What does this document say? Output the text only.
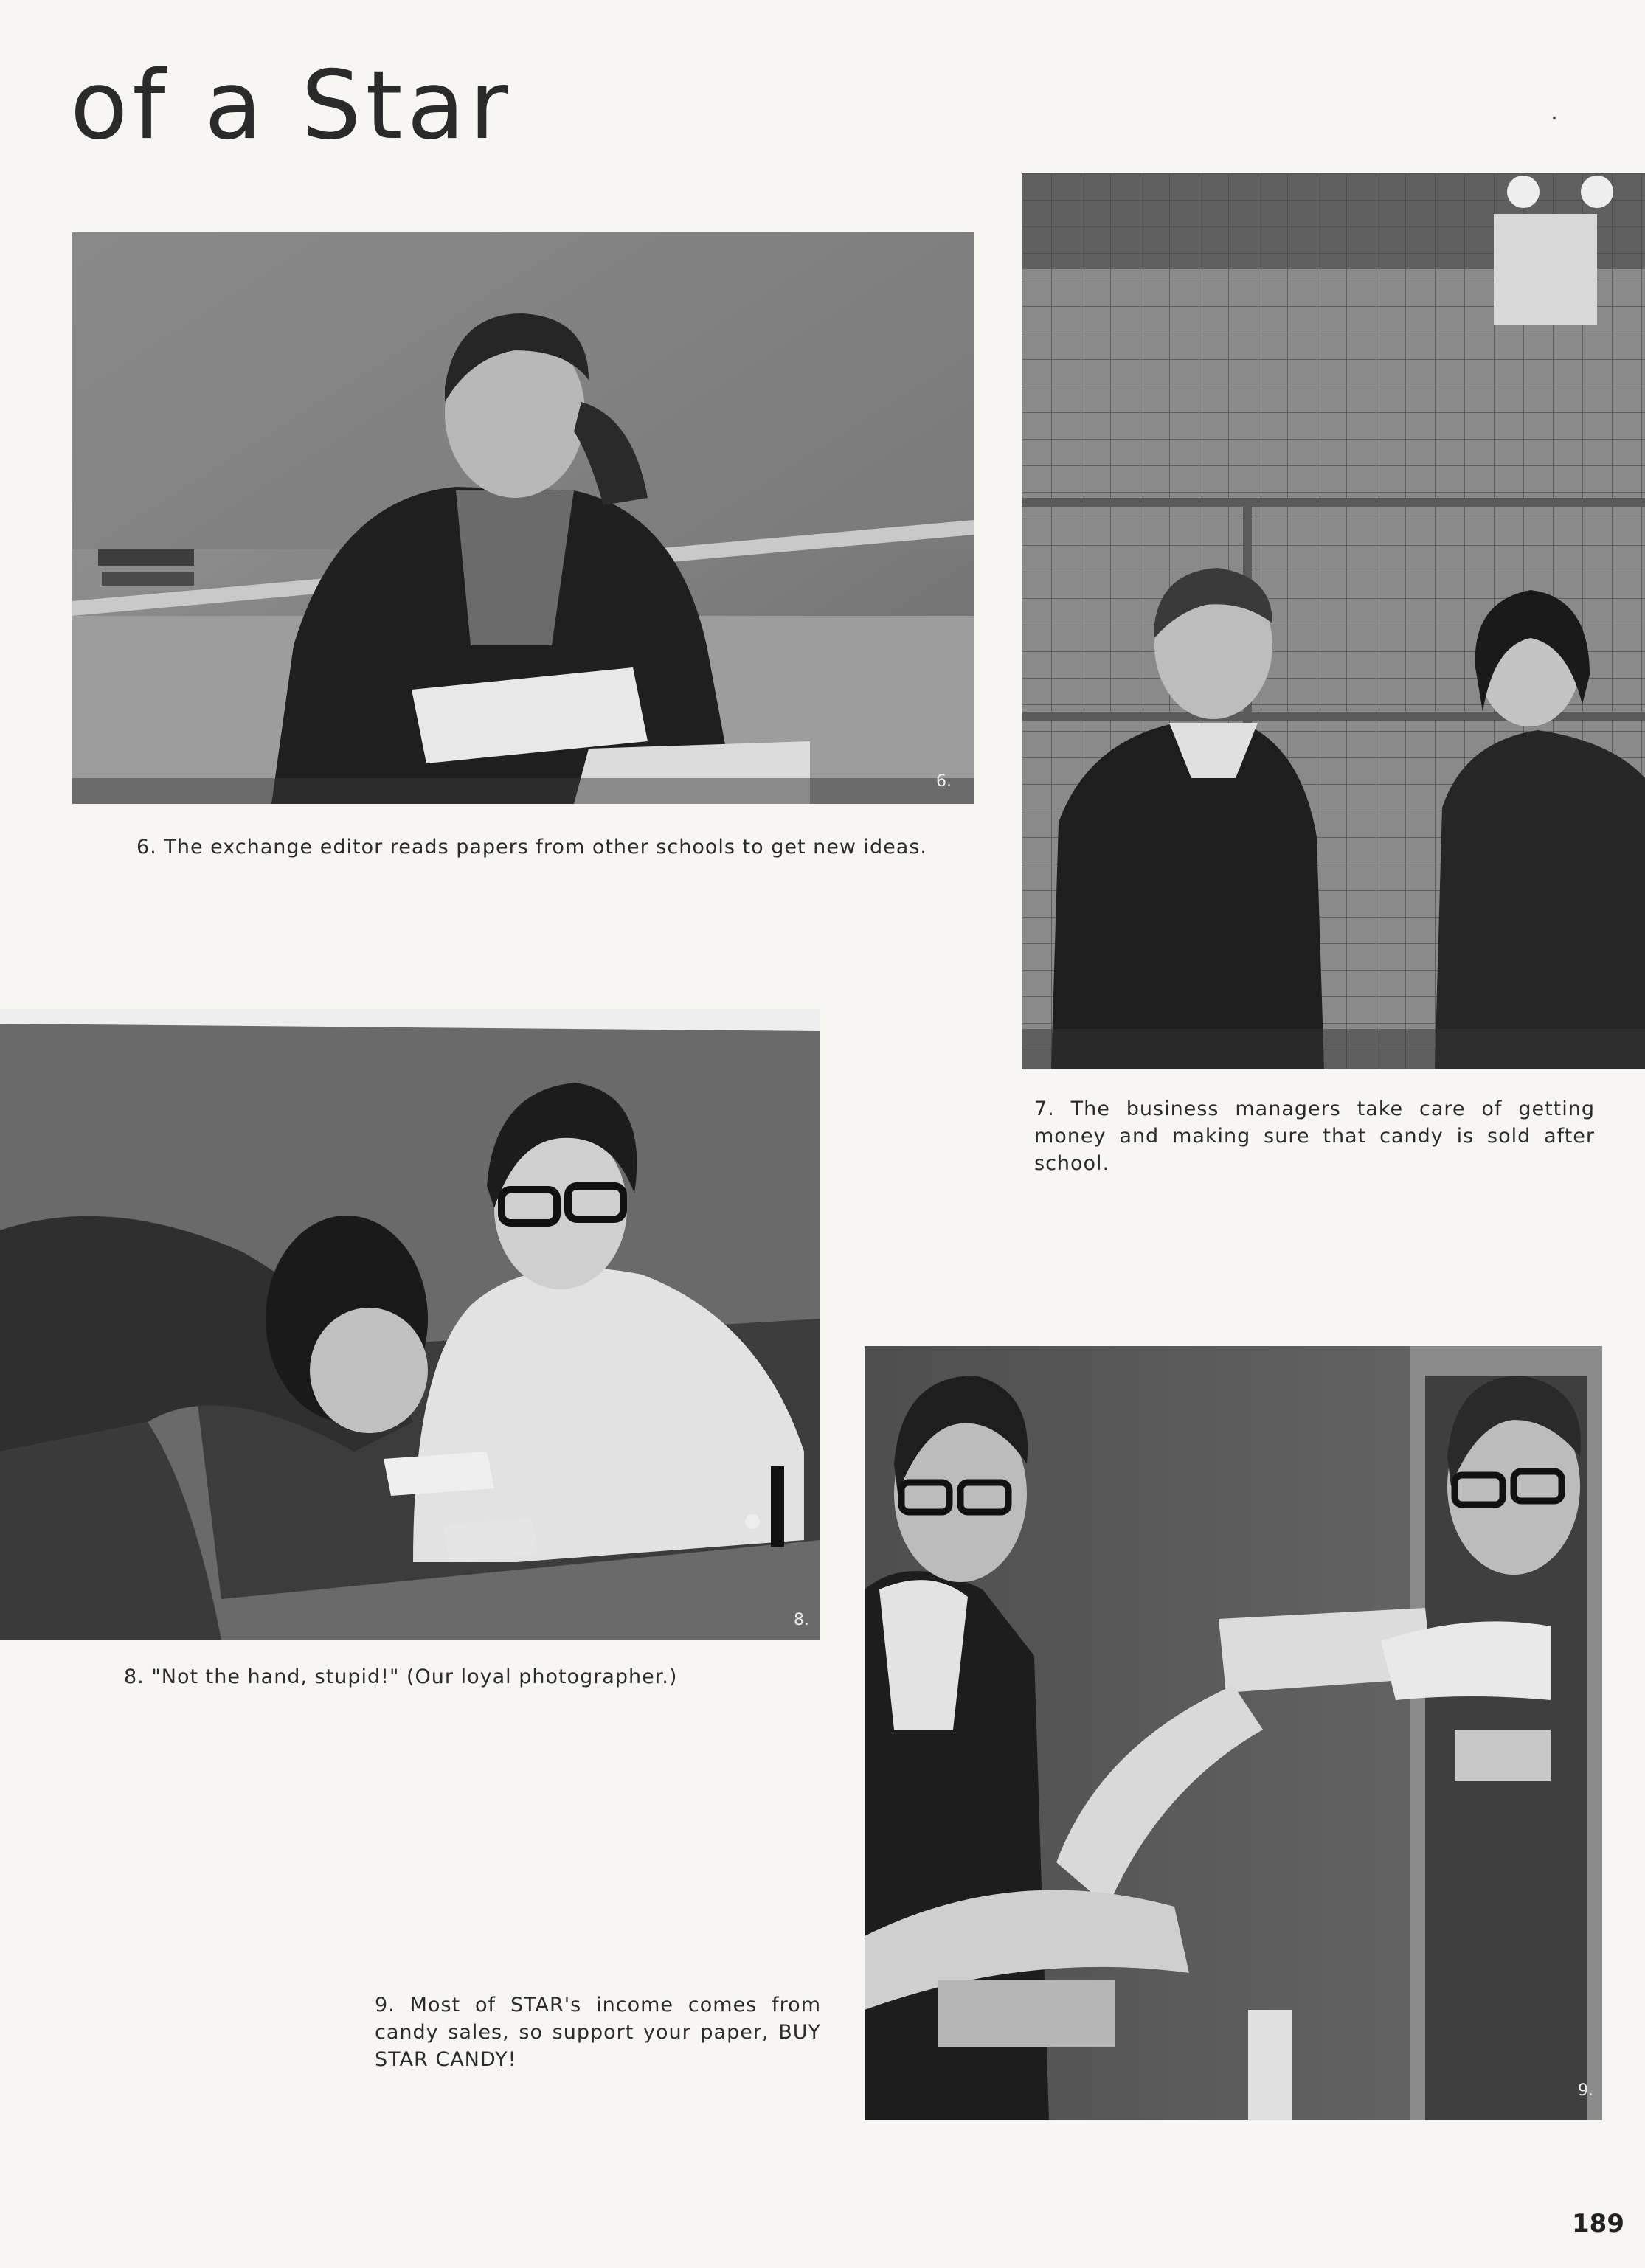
of a Star
6.

6. The exchange editor reads papers from other schools to get new ideas.

7. The business managers take care of getting money and making sure that candy is sold after school.

8.

8. "Not the hand, stupid!" (Our loyal photographer.)

9.

9. Most of STAR's income comes from candy sales, so support your paper, BUY STAR CANDY!

189
